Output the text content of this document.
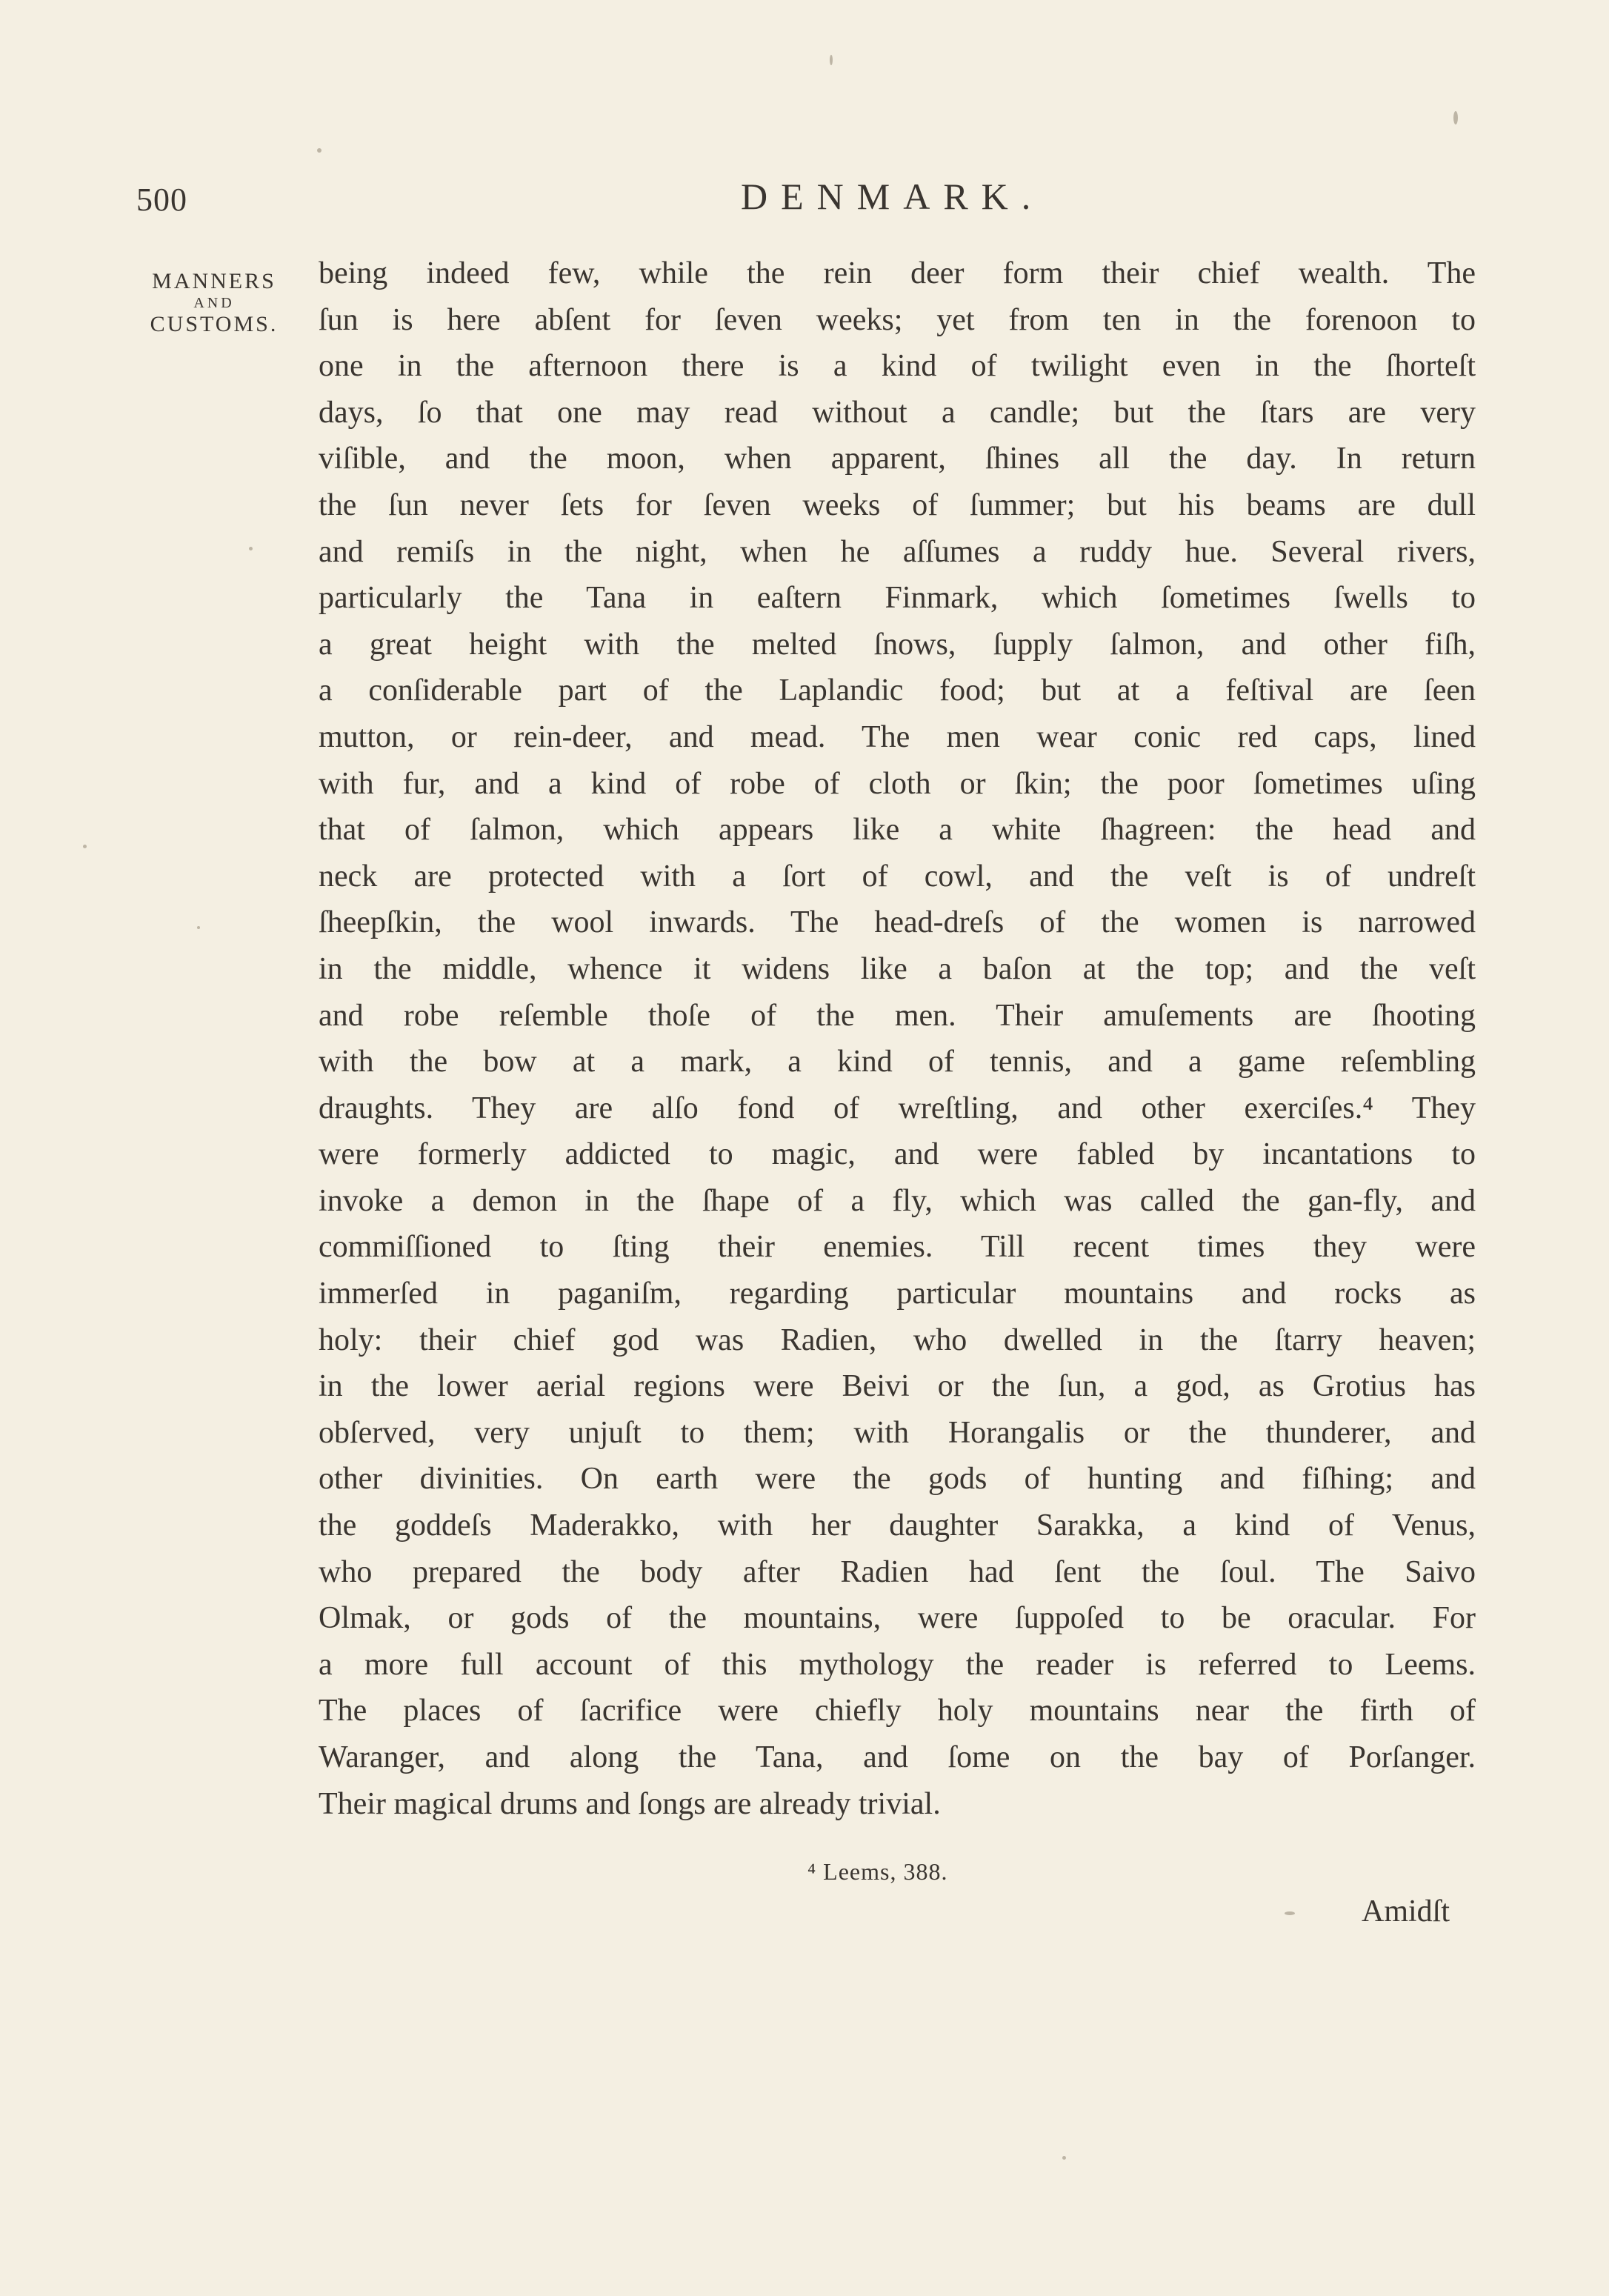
500	DENMARK.
MANNERS
AND
CUSTOMS.
being indeed few, while the rein deer form their chief wealth. The
ſun is here abſent for ſeven weeks; yet from ten in the forenoon to
one in the afternoon there is a kind of twilight even in the ſhorteſt
days, ſo that one may read without a candle; but the ſtars are very
viſible, and the moon, when apparent, ſhines all the day. In return
the ſun never ſets for ſeven weeks of ſummer; but his beams are dull
and remiſs in the night, when he aſſumes a ruddy hue. Several rivers,
particularly the Tana in eaſtern Finmark, which ſometimes ſwells to
a great height with the melted ſnows, ſupply ſalmon, and other fiſh,
a conſiderable part of the Laplandic food; but at a feſtival are ſeen
mutton, or rein-deer, and mead. The men wear conic red caps, lined
with fur, and a kind of robe of cloth or ſkin; the poor ſometimes uſing
that of ſalmon, which appears like a white ſhagreen: the head and
neck are protected with a ſort of cowl, and the veſt is of undreſt
ſheepſkin, the wool inwards. The head-dreſs of the women is narrowed
in the middle, whence it widens like a baſon at the top; and the veſt
and robe reſemble thoſe of the men. Their amuſements are ſhooting
with the bow at a mark, a kind of tennis, and a game reſembling
draughts. They are alſo fond of wreſtling, and other exerciſes.⁴ They
were formerly addicted to magic, and were fabled by incantations to
invoke a demon in the ſhape of a fly, which was called the gan-fly, and
commiſſioned to ſting their enemies. Till recent times they were
immerſed in paganiſm, regarding particular mountains and rocks as
holy: their chief god was Radien, who dwelled in the ſtarry heaven;
in the lower aerial regions were Beivi or the ſun, a god, as Grotius has
obſerved, very unjuſt to them; with Horangalis or the thunderer, and
other divinities. On earth were the gods of hunting and fiſhing; and
the goddeſs Maderakko, with her daughter Sarakka, a kind of Venus,
who prepared the body after Radien had ſent the ſoul. The Saivo
Olmak, or gods of the mountains, were ſuppoſed to be oracular. For
a more full account of this mythology the reader is referred to Leems.
The places of ſacrifice were chiefly holy mountains near the firth of
Waranger, and along the Tana, and ſome on the bay of Porſanger.
Their magical drums and ſongs are already trivial.
⁴ Leems, 388.
Amidſt
